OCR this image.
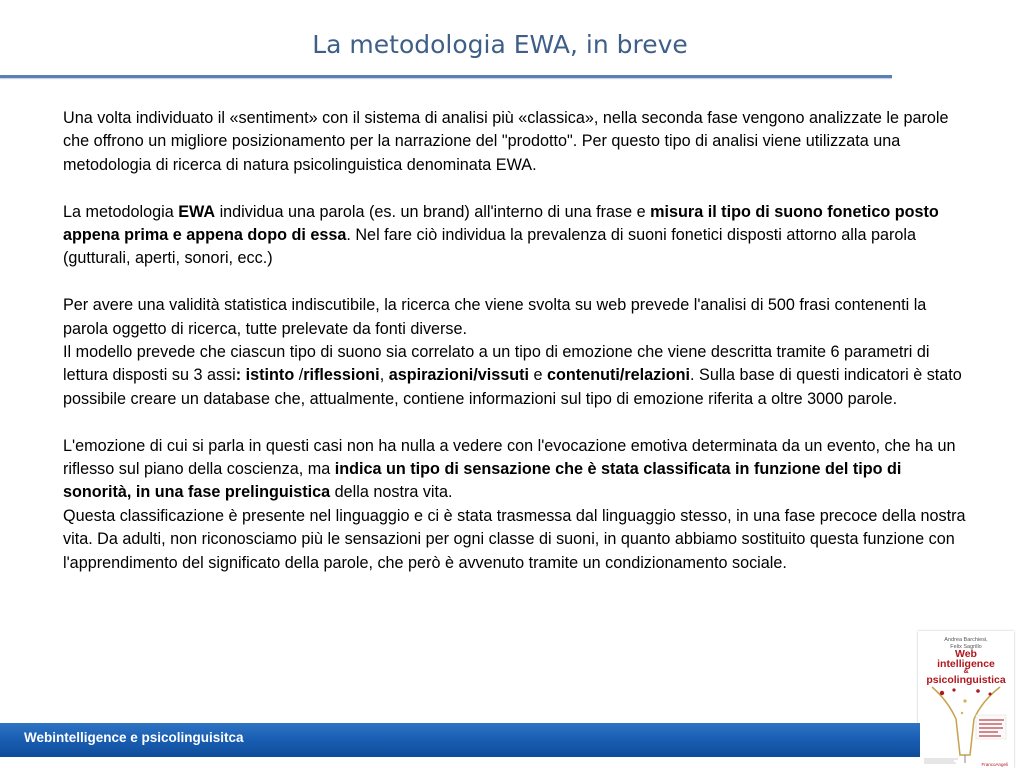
La metodologia EWA, in breve

Una volta individuato il «sentiment» con il sistema di analisi più «classica», nella seconda fase vengono analizzate le parole che offrono un migliore posizionamento per la narrazione del "prodotto". Per questo tipo di analisi viene utilizzata una metodologia di ricerca di natura psicolinguistica denominata EWA.

La metodologia EWA individua una parola (es. un brand) all'interno di una frase e misura il tipo di suono fonetico posto appena prima e appena dopo di essa. Nel fare ciò individua la prevalenza di suoni fonetici disposti attorno alla parola (gutturali, aperti, sonori, ecc.)

Per avere una validità statistica indiscutibile, la ricerca che viene svolta su web prevede l'analisi di 500 frasi contenenti la parola oggetto di ricerca, tutte prelevate da fonti diverse.
Il modello prevede che ciascun tipo di suono sia correlato a un tipo di emozione che viene descritta tramite 6 parametri di lettura disposti su 3 assi: istinto /riflessioni, aspirazioni/vissuti e contenuti/relazioni. Sulla base di questi indicatori è stato possibile creare un database che, attualmente, contiene informazioni sul tipo di emozione riferita a oltre 3000 parole.

L'emozione di cui si parla in questi casi non ha nulla a vedere con l'evocazione emotiva determinata da un evento, che ha un riflesso sul piano della coscienza, ma indica un tipo di sensazione che è stata classificata in funzione del tipo di sonorità, in una fase prelinguistica della nostra vita.
Questa classificazione è presente nel linguaggio e ci è stata trasmessa dal linguaggio stesso, in una fase precoce della nostra vita. Da adulti, non riconosciamo più le sensazioni per ogni classe di suoni, in quanto abbiamo sostituito questa funzione con l'apprendimento del significato della parole, che però è avvenuto tramite un condizionamento sociale.

Andrea Barchiesi,
Felix Sagrillo
Web
intelligence
&
psicolinguistica
FrancoAngeli
Webintelligence e psicolinguisitca
